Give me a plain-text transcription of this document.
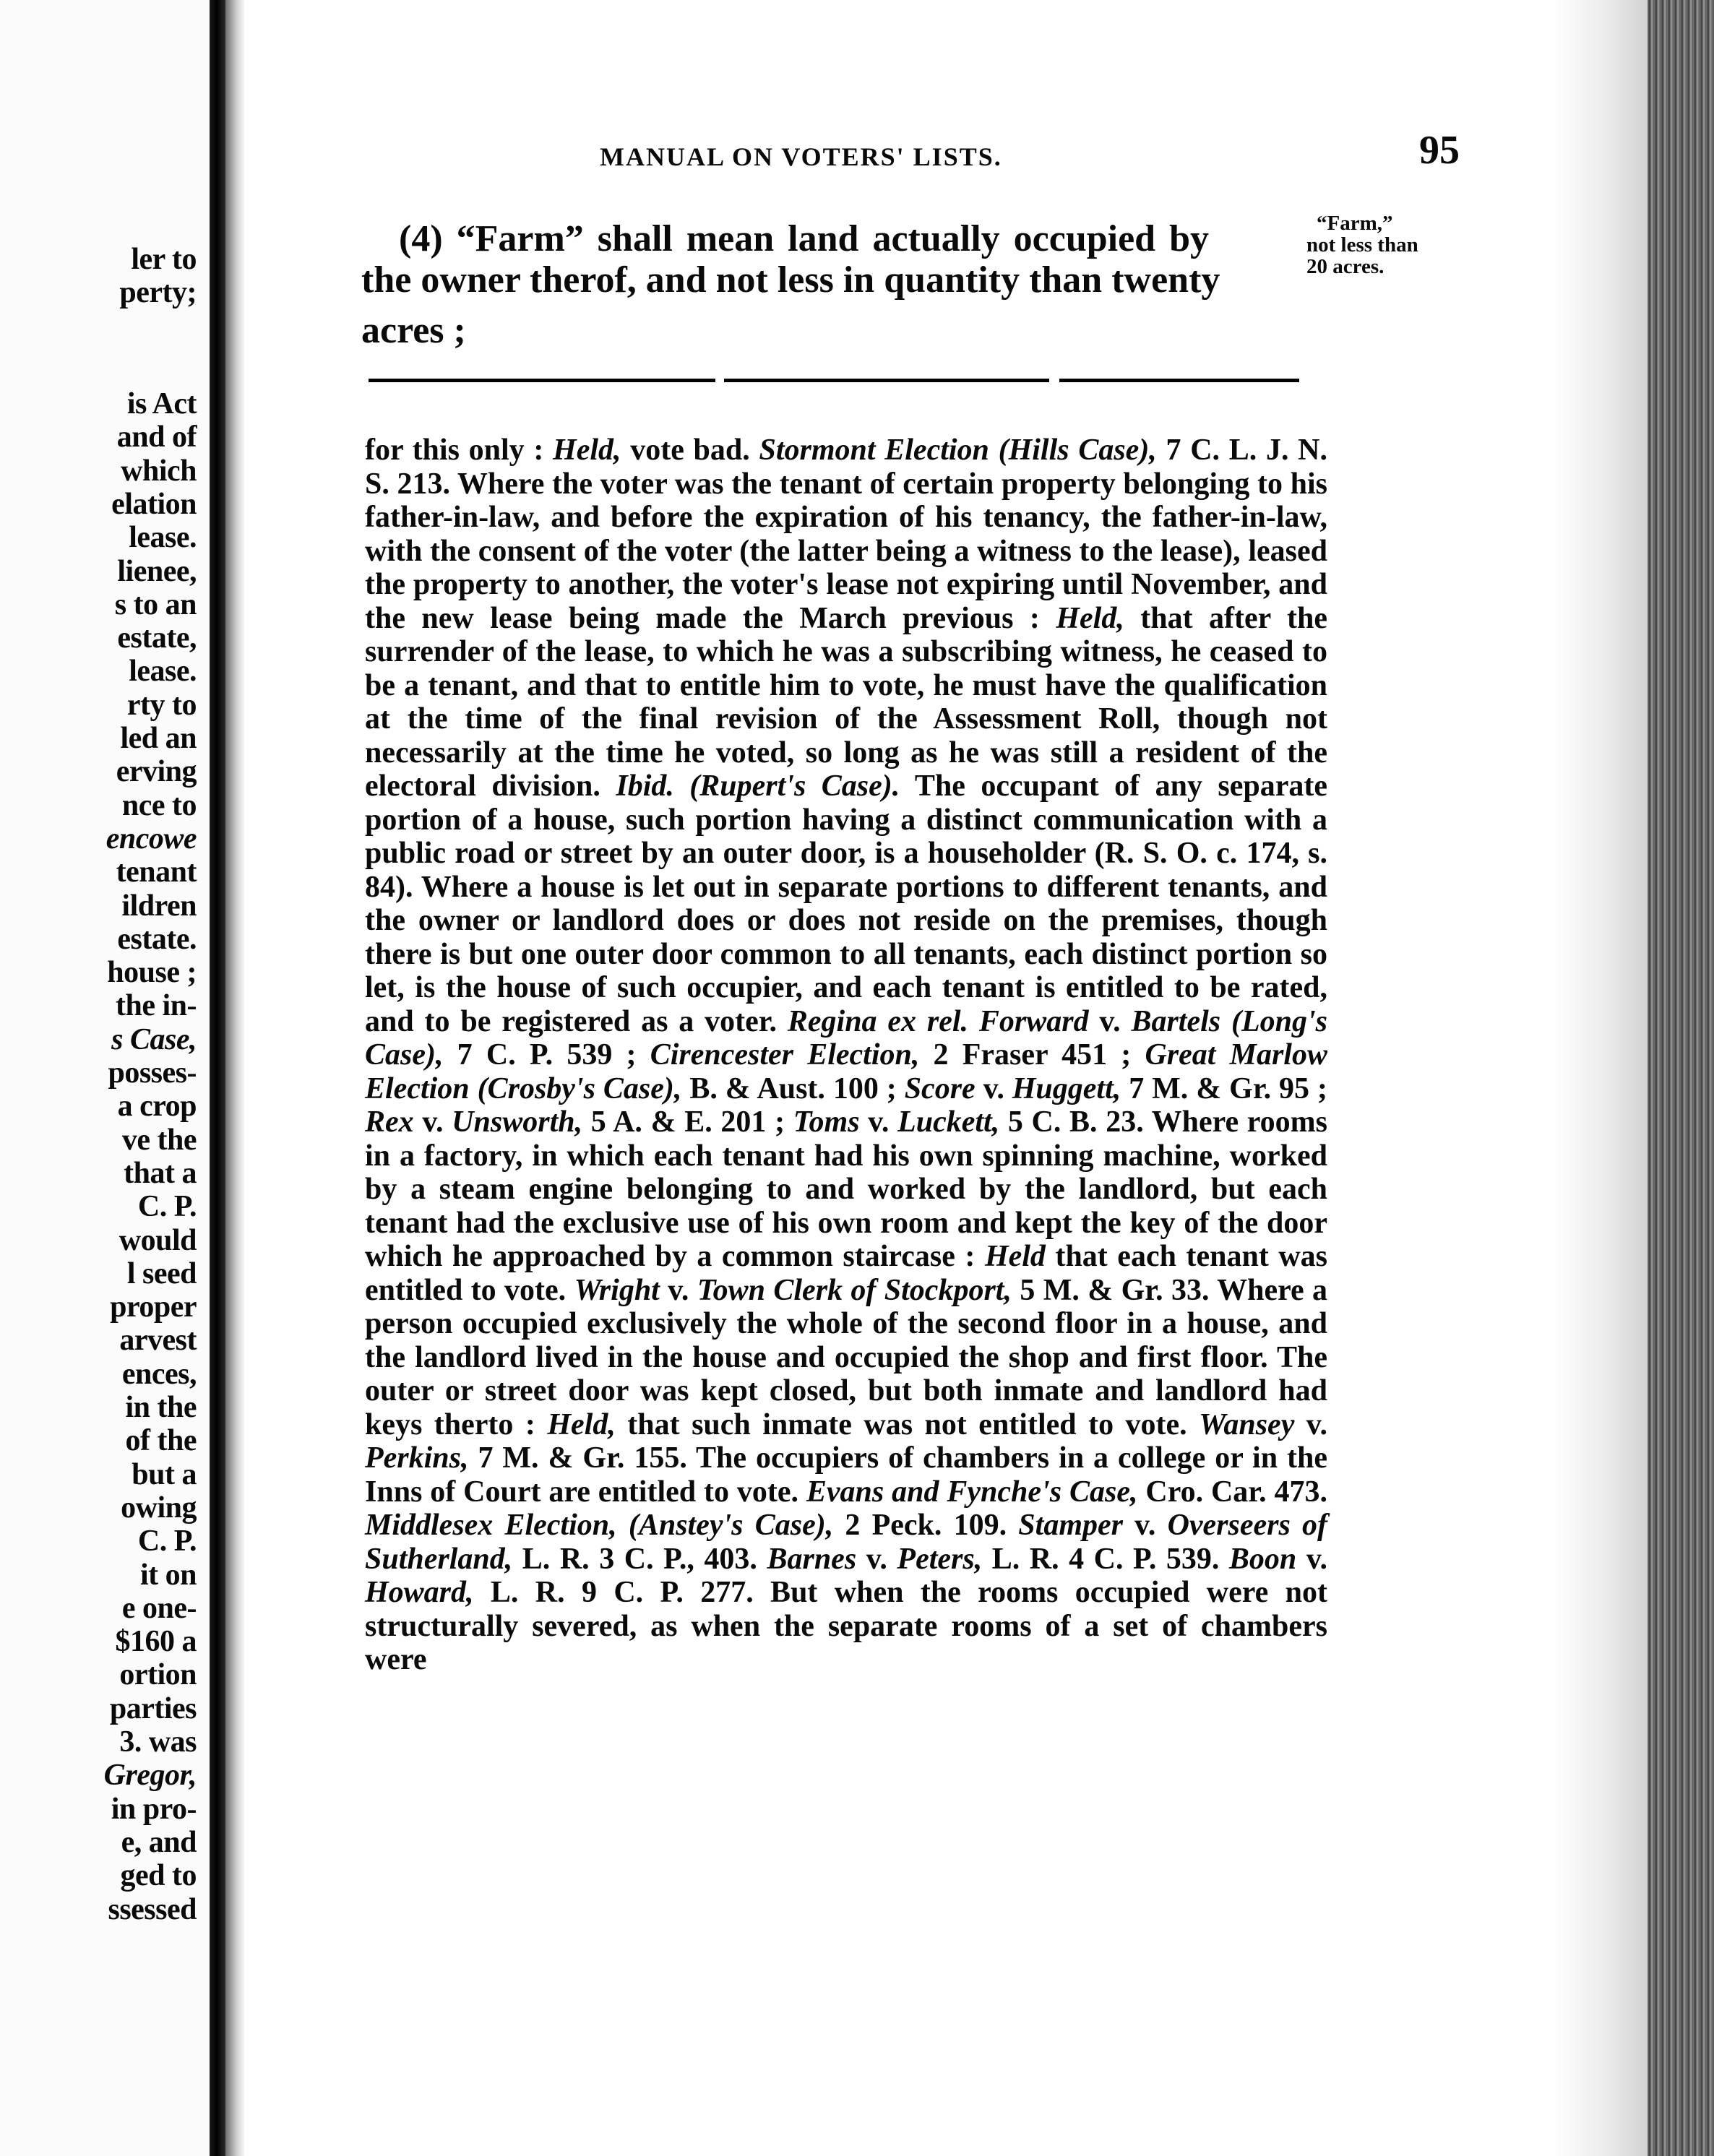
ler to
perty;
is Act
and of
which
elation
lease.
lienee,
s to an
estate,
lease.
rty to
led an
erving
nce to
encowe
tenant
ildren
estate.
house ;
the in-
s Case,
posses-
a crop
ve the
that a
C. P.
would
l seed
proper
arvest
ences,
in the
of the
but a
owing
C. P.
it on
e one-
$160 a
ortion
parties
3. was
Gregor,
in pro-
e, and
ged to
ssessed
MANUAL ON VOTERS' LISTS.	95
(4) “Farm” shall mean land actually occupied by
the owner therof, and not less in quantity than twenty
acres ;
“Farm,”
not less than
20 acres.

for this only : Held, vote bad. Stormont Election (Hills Case), 7 C. L. J. N. S. 213. Where the voter was the tenant of certain property belonging to his father-in-law, and before the expiration of his tenancy, the father-in-law, with the consent of the voter (the latter being a witness to the lease), leased the property to another, the voter's lease not expiring until November, and the new lease being made the March previous : Held, that after the surrender of the lease, to which he was a subscribing witness, he ceased to be a tenant, and that to entitle him to vote, he must have the qualification at the time of the final revision of the Assessment Roll, though not necessarily at the time he voted, so long as he was still a resident of the electoral division. Ibid. (Rupert's Case). The occupant of any separate portion of a house, such portion having a distinct communication with a public road or street by an outer door, is a householder (R. S. O. c. 174, s. 84). Where a house is let out in separate portions to different tenants, and the owner or landlord does or does not reside on the premises, though there is but one outer door common to all tenants, each distinct portion so let, is the house of such occupier, and each tenant is entitled to be rated, and to be registered as a voter. Regina ex rel. Forward v. Bartels (Long's Case), 7 C. P. 539 ; Cirencester Election, 2 Fraser 451 ; Great Marlow Election (Crosby's Case), B. & Aust. 100 ; Score v. Huggett, 7 M. & Gr. 95 ; Rex v. Unsworth, 5 A. & E. 201 ; Toms v. Luckett, 5 C. B. 23. Where rooms in a factory, in which each tenant had his own spinning machine, worked by a steam engine belonging to and worked by the landlord, but each tenant had the exclusive use of his own room and kept the key of the door which he approached by a common staircase : Held that each tenant was entitled to vote. Wright v. Town Clerk of Stockport, 5 M. & Gr. 33. Where a person occupied exclusively the whole of the second floor in a house, and the landlord lived in the house and occupied the shop and first floor. The outer or street door was kept closed, but both inmate and landlord had keys therto : Held, that such inmate was not entitled to vote. Wansey v. Perkins, 7 M. & Gr. 155. The occupiers of chambers in a college or in the Inns of Court are entitled to vote. Evans and Fynche's Case, Cro. Car. 473. Middlesex Election, (Anstey's Case), 2 Peck. 109. Stamper v. Overseers of Sutherland, L. R. 3 C. P., 403. Barnes v. Peters, L. R. 4 C. P. 539. Boon v. Howard, L. R. 9 C. P. 277. But when the rooms occupied were not structurally severed, as when the separate rooms of a set of chambers were
